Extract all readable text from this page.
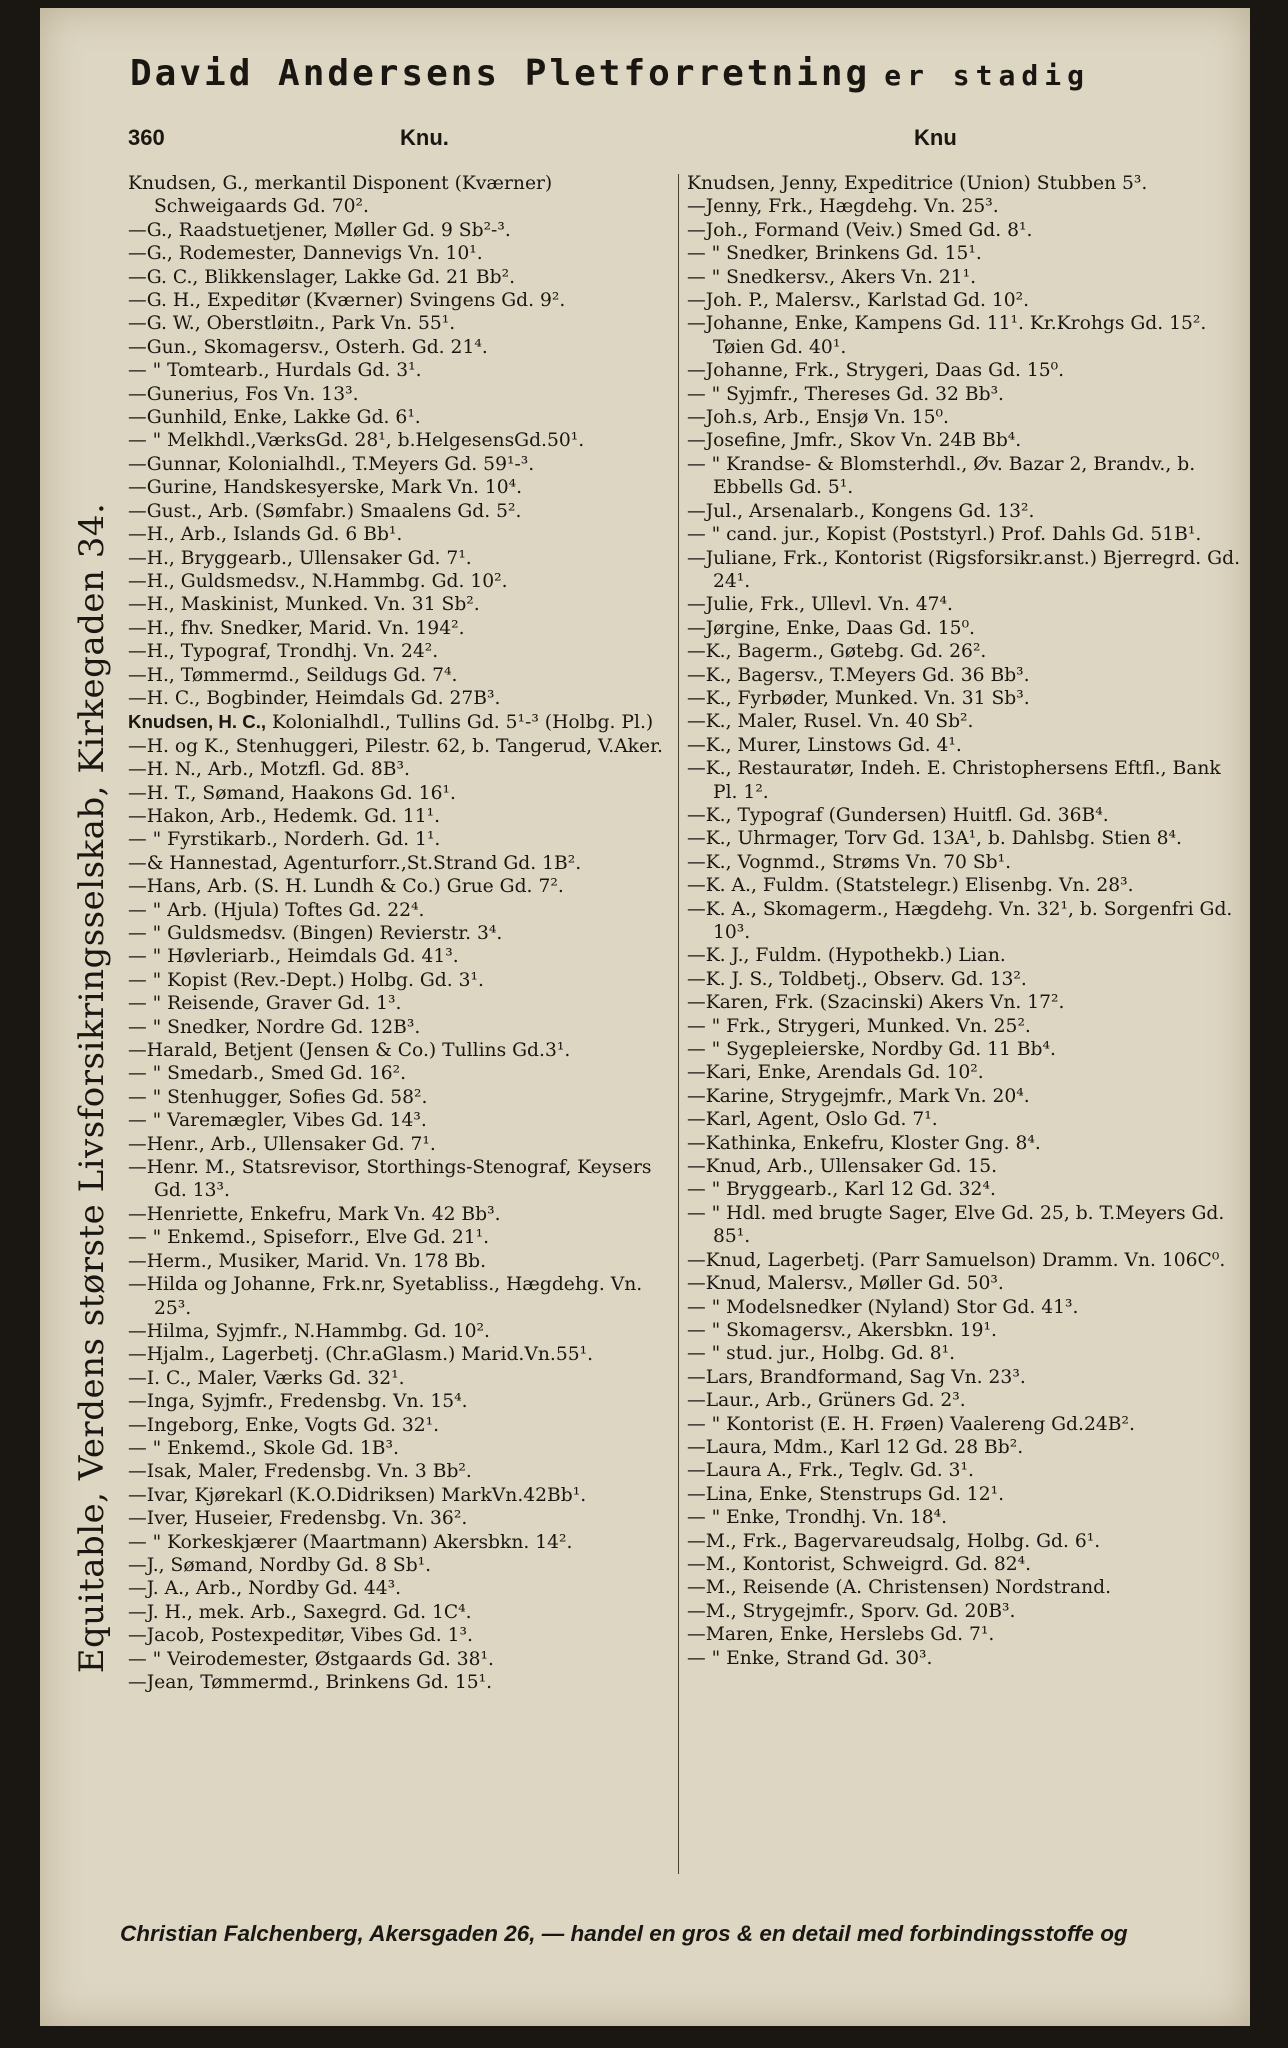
David Andersens Pletforretning er stadig
360	Knu.	Knu
Equitable, Verdens største Livsforsikringsselskab, Kirkegaden 34.
Knudsen, G., merkantil Disponent (Kværner) Schweigaards Gd. 70².
—G., Raadstuetjener, Møller Gd. 9 Sb²-³.
—G., Rodemester, Dannevigs Vn. 10¹.
—G. C., Blikkenslager, Lakke Gd. 21 Bb².
—G. H., Expeditør (Kværner) Svingens Gd. 9².
—G. W., Oberstløitn., Park Vn. 55¹.
—Gun., Skomagersv., Osterh. Gd. 21⁴.
— " Tomtearb., Hurdals Gd. 3¹.
—Gunerius, Fos Vn. 13³.
—Gunhild, Enke, Lakke Gd. 6¹.
— " Melkhdl.,VærksGd. 28¹, b.HelgesensGd.50¹.
—Gunnar, Kolonialhdl., T.Meyers Gd. 59¹-³.
—Gurine, Handskesyerske, Mark Vn. 10⁴.
—Gust., Arb. (Sømfabr.) Smaalens Gd. 5².
—H., Arb., Islands Gd. 6 Bb¹.
—H., Bryggearb., Ullensaker Gd. 7¹.
—H., Guldsmedsv., N.Hammbg. Gd. 10².
—H., Maskinist, Munked. Vn. 31 Sb².
—H., fhv. Snedker, Marid. Vn. 194².
—H., Typograf, Trondhj. Vn. 24².
—H., Tømmermd., Seildugs Gd. 7⁴.
—H. C., Bogbinder, Heimdals Gd. 27B³.
Knudsen, H. C., Kolonialhdl., Tullins Gd. 5¹-³ (Holbg. Pl.)
—H. og K., Stenhuggeri, Pilestr. 62, b. Tangerud, V.Aker.
—H. N., Arb., Motzfl. Gd. 8B³.
—H. T., Sømand, Haakons Gd. 16¹.
—Hakon, Arb., Hedemk. Gd. 11¹.
— " Fyrstikarb., Norderh. Gd. 1¹.
—& Hannestad, Agenturforr.,St.Strand Gd. 1B².
—Hans, Arb. (S. H. Lundh & Co.) Grue Gd. 7².
— " Arb. (Hjula) Toftes Gd. 22⁴.
— " Guldsmedsv. (Bingen) Revierstr. 3⁴.
— " Høvleriarb., Heimdals Gd. 41³.
— " Kopist (Rev.-Dept.) Holbg. Gd. 3¹.
— " Reisende, Graver Gd. 1³.
— " Snedker, Nordre Gd. 12B³.
—Harald, Betjent (Jensen & Co.) Tullins Gd.3¹.
— " Smedarb., Smed Gd. 16².
— " Stenhugger, Sofies Gd. 58².
— " Varemægler, Vibes Gd. 14³.
—Henr., Arb., Ullensaker Gd. 7¹.
—Henr. M., Statsrevisor, Storthings-Stenograf, Keysers Gd. 13³.
—Henriette, Enkefru, Mark Vn. 42 Bb³.
— " Enkemd., Spiseforr., Elve Gd. 21¹.
—Herm., Musiker, Marid. Vn. 178 Bb.
—Hilda og Johanne, Frk.nr, Syetabliss., Hægdehg. Vn. 25³.
—Hilma, Syjmfr., N.Hammbg. Gd. 10².
—Hjalm., Lagerbetj. (Chr.aGlasm.) Marid.Vn.55¹.
—I. C., Maler, Værks Gd. 32¹.
—Inga, Syjmfr., Fredensbg. Vn. 15⁴.
—Ingeborg, Enke, Vogts Gd. 32¹.
— " Enkemd., Skole Gd. 1B³.
—Isak, Maler, Fredensbg. Vn. 3 Bb².
—Ivar, Kjørekarl (K.O.Didriksen) MarkVn.42Bb¹.
—Iver, Huseier, Fredensbg. Vn. 36².
— " Korkeskjærer (Maartmann) Akersbkn. 14².
—J., Sømand, Nordby Gd. 8 Sb¹.
—J. A., Arb., Nordby Gd. 44³.
—J. H., mek. Arb., Saxegrd. Gd. 1C⁴.
—Jacob, Postexpeditør, Vibes Gd. 1³.
— " Veirodemester, Østgaards Gd. 38¹.
—Jean, Tømmermd., Brinkens Gd. 15¹.
Knudsen, Jenny, Expeditrice (Union) Stubben 5³.
—Jenny, Frk., Hægdehg. Vn. 25³.
—Joh., Formand (Veiv.) Smed Gd. 8¹.
— " Snedker, Brinkens Gd. 15¹.
— " Snedkersv., Akers Vn. 21¹.
—Joh. P., Malersv., Karlstad Gd. 10².
—Johanne, Enke, Kampens Gd. 11¹. Kr.Krohgs Gd. 15². Tøien Gd. 40¹.
—Johanne, Frk., Strygeri, Daas Gd. 15⁰.
— " Syjmfr., Thereses Gd. 32 Bb³.
—Joh.s, Arb., Ensjø Vn. 15⁰.
—Josefine, Jmfr., Skov Vn. 24B Bb⁴.
— " Krandse- & Blomsterhdl., Øv. Bazar 2, Brandv., b. Ebbells Gd. 5¹.
—Jul., Arsenalarb., Kongens Gd. 13².
— " cand. jur., Kopist (Poststyrl.) Prof. Dahls Gd. 51B¹.
—Juliane, Frk., Kontorist (Rigsforsikr.anst.) Bjerregrd. Gd. 24¹.
—Julie, Frk., Ullevl. Vn. 47⁴.
—Jørgine, Enke, Daas Gd. 15⁰.
—K., Bagerm., Gøtebg. Gd. 26².
—K., Bagersv., T.Meyers Gd. 36 Bb³.
—K., Fyrbøder, Munked. Vn. 31 Sb³.
—K., Maler, Rusel. Vn. 40 Sb².
—K., Murer, Linstows Gd. 4¹.
—K., Restauratør, Indeh. E. Christophersens Eftfl., Bank Pl. 1².
—K., Typograf (Gundersen) Huitfl. Gd. 36B⁴.
—K., Uhrmager, Torv Gd. 13A¹, b. Dahlsbg. Stien 8⁴.
—K., Vognmd., Strøms Vn. 70 Sb¹.
—K. A., Fuldm. (Statstelegr.) Elisenbg. Vn. 28³.
—K. A., Skomagerm., Hægdehg. Vn. 32¹, b. Sorgenfri Gd. 10³.
—K. J., Fuldm. (Hypothekb.) Lian.
—K. J. S., Toldbetj., Observ. Gd. 13².
—Karen, Frk. (Szacinski) Akers Vn. 17².
— " Frk., Strygeri, Munked. Vn. 25².
— " Sygepleierske, Nordby Gd. 11 Bb⁴.
—Kari, Enke, Arendals Gd. 10².
—Karine, Strygejmfr., Mark Vn. 20⁴.
—Karl, Agent, Oslo Gd. 7¹.
—Kathinka, Enkefru, Kloster Gng. 8⁴.
—Knud, Arb., Ullensaker Gd. 15.
— " Bryggearb., Karl 12 Gd. 32⁴.
— " Hdl. med brugte Sager, Elve Gd. 25, b. T.Meyers Gd. 85¹.
—Knud, Lagerbetj. (Parr Samuelson) Dramm. Vn. 106C⁰.
—Knud, Malersv., Møller Gd. 50³.
— " Modelsnedker (Nyland) Stor Gd. 41³.
— " Skomagersv., Akersbkn. 19¹.
— " stud. jur., Holbg. Gd. 8¹.
—Lars, Brandformand, Sag Vn. 23³.
—Laur., Arb., Grüners Gd. 2³.
— " Kontorist (E. H. Frøen) Vaalereng Gd.24B².
—Laura, Mdm., Karl 12 Gd. 28 Bb².
—Laura A., Frk., Teglv. Gd. 3¹.
—Lina, Enke, Stenstrups Gd. 12¹.
— " Enke, Trondhj. Vn. 18⁴.
—M., Frk., Bagervareudsalg, Holbg. Gd. 6¹.
—M., Kontorist, Schweigrd. Gd. 82⁴.
—M., Reisende (A. Christensen) Nordstrand.
—M., Strygejmfr., Sporv. Gd. 20B³.
—Maren, Enke, Herslebs Gd. 7¹.
— " Enke, Strand Gd. 30³.
Christian Falchenberg, Akersgaden 26, — handel en gros & en detail med forbindingsstoffe og
